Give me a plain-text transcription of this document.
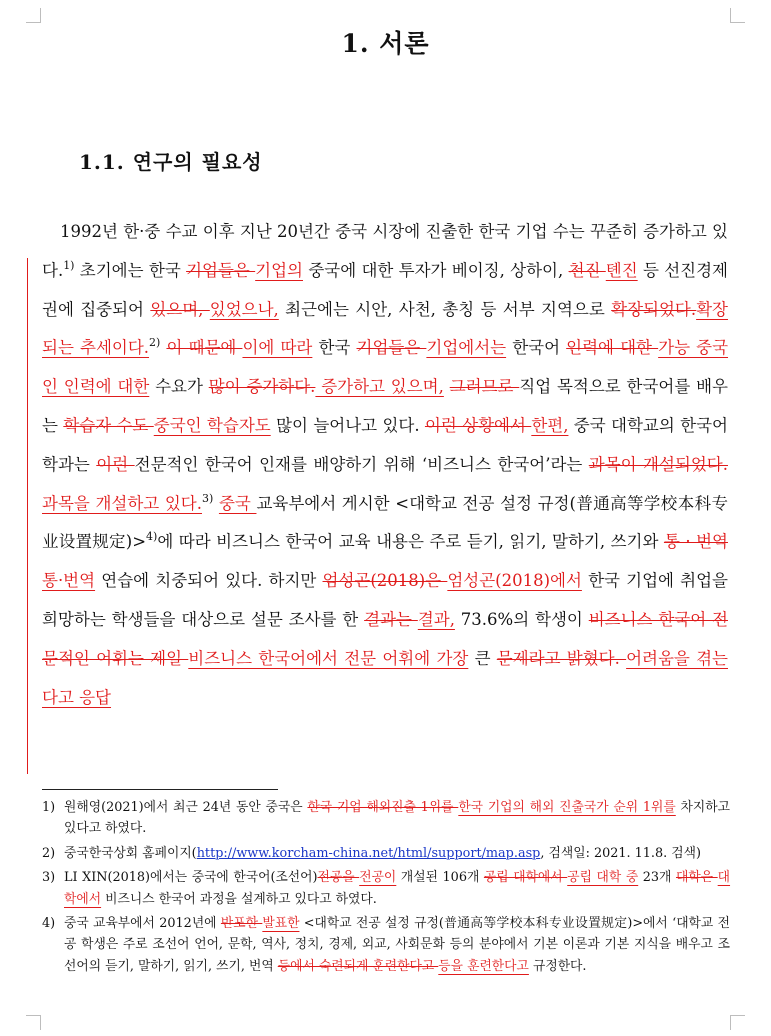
1. 서론
1.1. 연구의 필요성

1992년 한·중 수교 이후 지난 20년간 중국 시장에 진출한 한국 기업 수는 꾸준히 증가하고 있다.$^{1)}$ 초기에는 한국 기업들은 기업의 중국에 대한 투자가 베이징, 상하이, 천진 톈진 등 선진경제권에 집중되어 있으며, 있었으나, 최근에는 시안, 사천, 총칭 등 서부 지역으로 확장되었다.확장되는 추세이다.$^{2)}$ 이 때문에 이에 따라 한국 기업들은 기업에서는 한국어 인력에 대한 가능 중국인 인력에 대한 수요가 많이 증가하다. 증가하고 있으며, 그러므로 직업 목적으로 한국어를 배우는 학습자 수도 중국인 학습자도 많이 늘어나고 있다. 이런 상황에서 한편, 중국 대학교의 한국어 학과는 이런 전문적인 한국어 인재를 배양하기 위해 ‘비즈니스 한국어’라는 과목이 개설되었다.과목을 개설하고 있다.$^{3)}$ 중국 교육부에서 게시한 <대학교 전공 설정 규정(普通高等学校本科专业设置规定)>$^{4)}$에 따라 비즈니스 한국어 교육 내용은 주로 듣기, 읽기, 말하기, 쓰기와 통 · 번역 통·번역 연습에 치중되어 있다. 하지만 엄성곤(2018)은 엄성곤(2018)에서 한국 기업에 취업을 희망하는 학생들을 대상으로 설문 조사를 한 결과는 결과, 73.6%의 학생이 비즈니스 한국어 전문적인 어휘는 제일 비즈니스 한국어에서 전문 어휘에 가장 큰 문제라고 밝혔다. 어려움을 겪는다고 응답

1) 원해영(2021)에서 최근 24년 동안 중국은 한국 기업 해외진출 1위를 한국 기업의 해외 진출국가 순위 1위를 차지하고 있다고 하였다.
2) 중국한국상회 홈페이지(http://www.korcham-china.net/html/support/map.asp, 검색일: 2021. 11.8. 검색)
3) LI XIN(2018)에서는 중국에 한국어(조선어)전공을 전공이 개설된 106개 공립 대학에서 공립 대학 중 23개 대학은 대학에서 비즈니스 한국어 과정을 설계하고 있다고 하였다.
4) 중국 교육부에서 2012년에 반포한 발표한 <대학교 전공 설정 규정(普通高等学校本科专业设置规定)>에서 ‘대학교 전공 학생은 주로 조선어 언어, 문학, 역사, 정치, 경제, 외교, 사회문화 등의 분야에서 기본 이론과 기본 지식을 배우고 조선어의 듣기, 말하기, 읽기, 쓰기, 번역 등에서 숙련되게 훈련한다고 등을 훈련한다고 규정한다.
